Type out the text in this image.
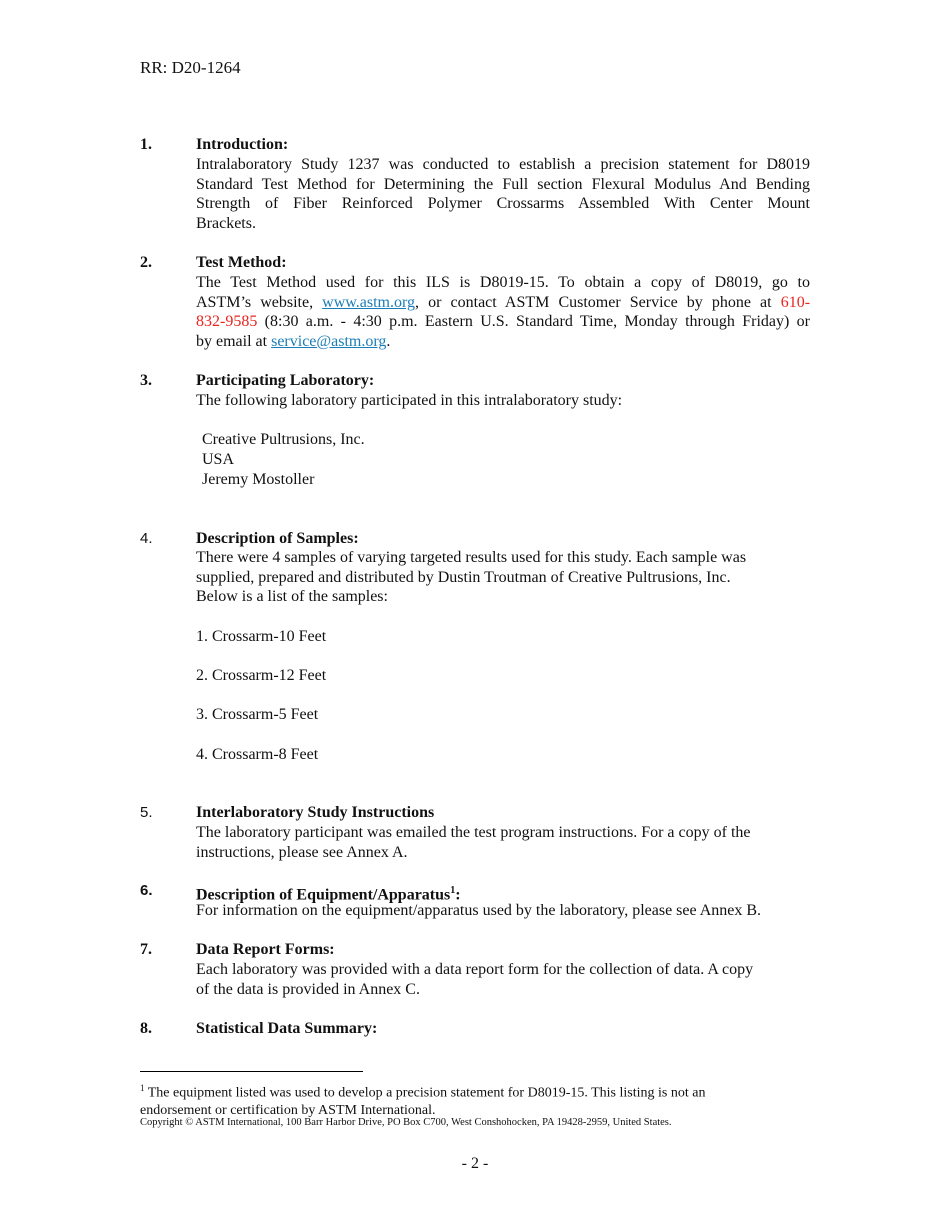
RR: D20-1264
1.	Introduction:
Intralaboratory Study 1237 was conducted to establish a precision statement for D8019
Standard Test Method for Determining the Full section Flexural Modulus And Bending
Strength of Fiber Reinforced Polymer Crossarms Assembled With Center Mount
Brackets.
2.	Test Method:
The Test Method used for this ILS is D8019-15. To obtain a copy of D8019, go to
ASTM’s website, www.astm.org, or contact ASTM Customer Service by phone at 610-
832-9585 (8:30 a.m. - 4:30 p.m. Eastern U.S. Standard Time, Monday through Friday) or
by email at service@astm.org.
3.	Participating Laboratory:
The following laboratory participated in this intralaboratory study:
Creative Pultrusions, Inc.
USA
Jeremy Mostoller
4.	Description of Samples:
There were 4 samples of varying targeted results used for this study. Each sample was
supplied, prepared and distributed by Dustin Troutman of Creative Pultrusions, Inc.
Below is a list of the samples:
1. Crossarm-10 Feet
2. Crossarm-12 Feet
3. Crossarm-5 Feet
4. Crossarm-8 Feet
5.	Interlaboratory Study Instructions
The laboratory participant was emailed the test program instructions. For a copy of the
instructions, please see Annex A.
6.	Description of Equipment/Apparatus$^1$:
For information on the equipment/apparatus used by the laboratory, please see Annex B.
7.	Data Report Forms:
Each laboratory was provided with a data report form for the collection of data. A copy
of the data is provided in Annex C.
8.	Statistical Data Summary:
$^1$ The equipment listed was used to develop a precision statement for D8019-15. This listing is not an
endorsement or certification by ASTM International.
Copyright © ASTM International, 100 Barr Harbor Drive, PO Box C700, West Conshohocken, PA 19428-2959, United States.
- 2 -
